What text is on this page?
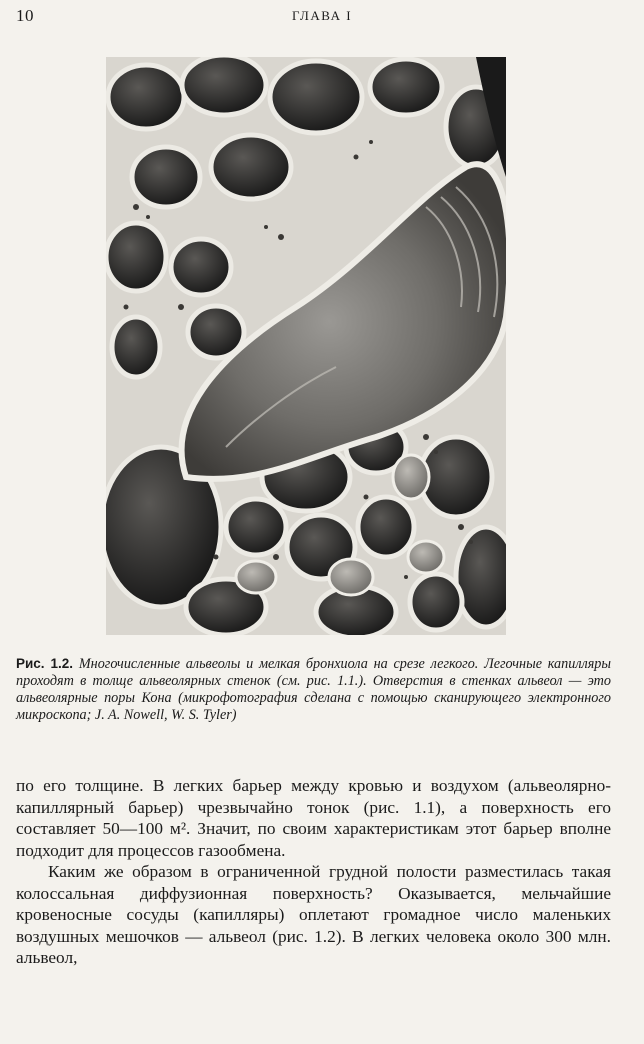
10	ГЛАВА I
Рис. 1.2. Многочисленные альвеолы и мелкая бронхиола на срезе легкого. Легочные капилляры проходят в толще альвеолярных стенок (см. рис. 1.1.). Отверстия в стенках альвеол — это альвеолярные поры Кона (микрофотография сделана с помощью сканирующего электронного микроскопа; J. A. Nowell, W. S. Tyler)

по его толщине. В легких барьер между кровью и воздухом (альвеолярно-капиллярный барьер) чрезвычайно тонок (рис. 1.1), а поверхность его составляет 50—100 м². Значит, по своим характеристикам этот барьер вполне подходит для процессов газообмена.

Каким же образом в ограниченной грудной полости разместилась такая колоссальная диффузионная поверхность? Оказывается, мельчайшие кровеносные сосуды (капилляры) оплетают громадное число маленьких воздушных мешочков — альвеол (рис. 1.2). В легких человека около 300 млн. альвеол,
